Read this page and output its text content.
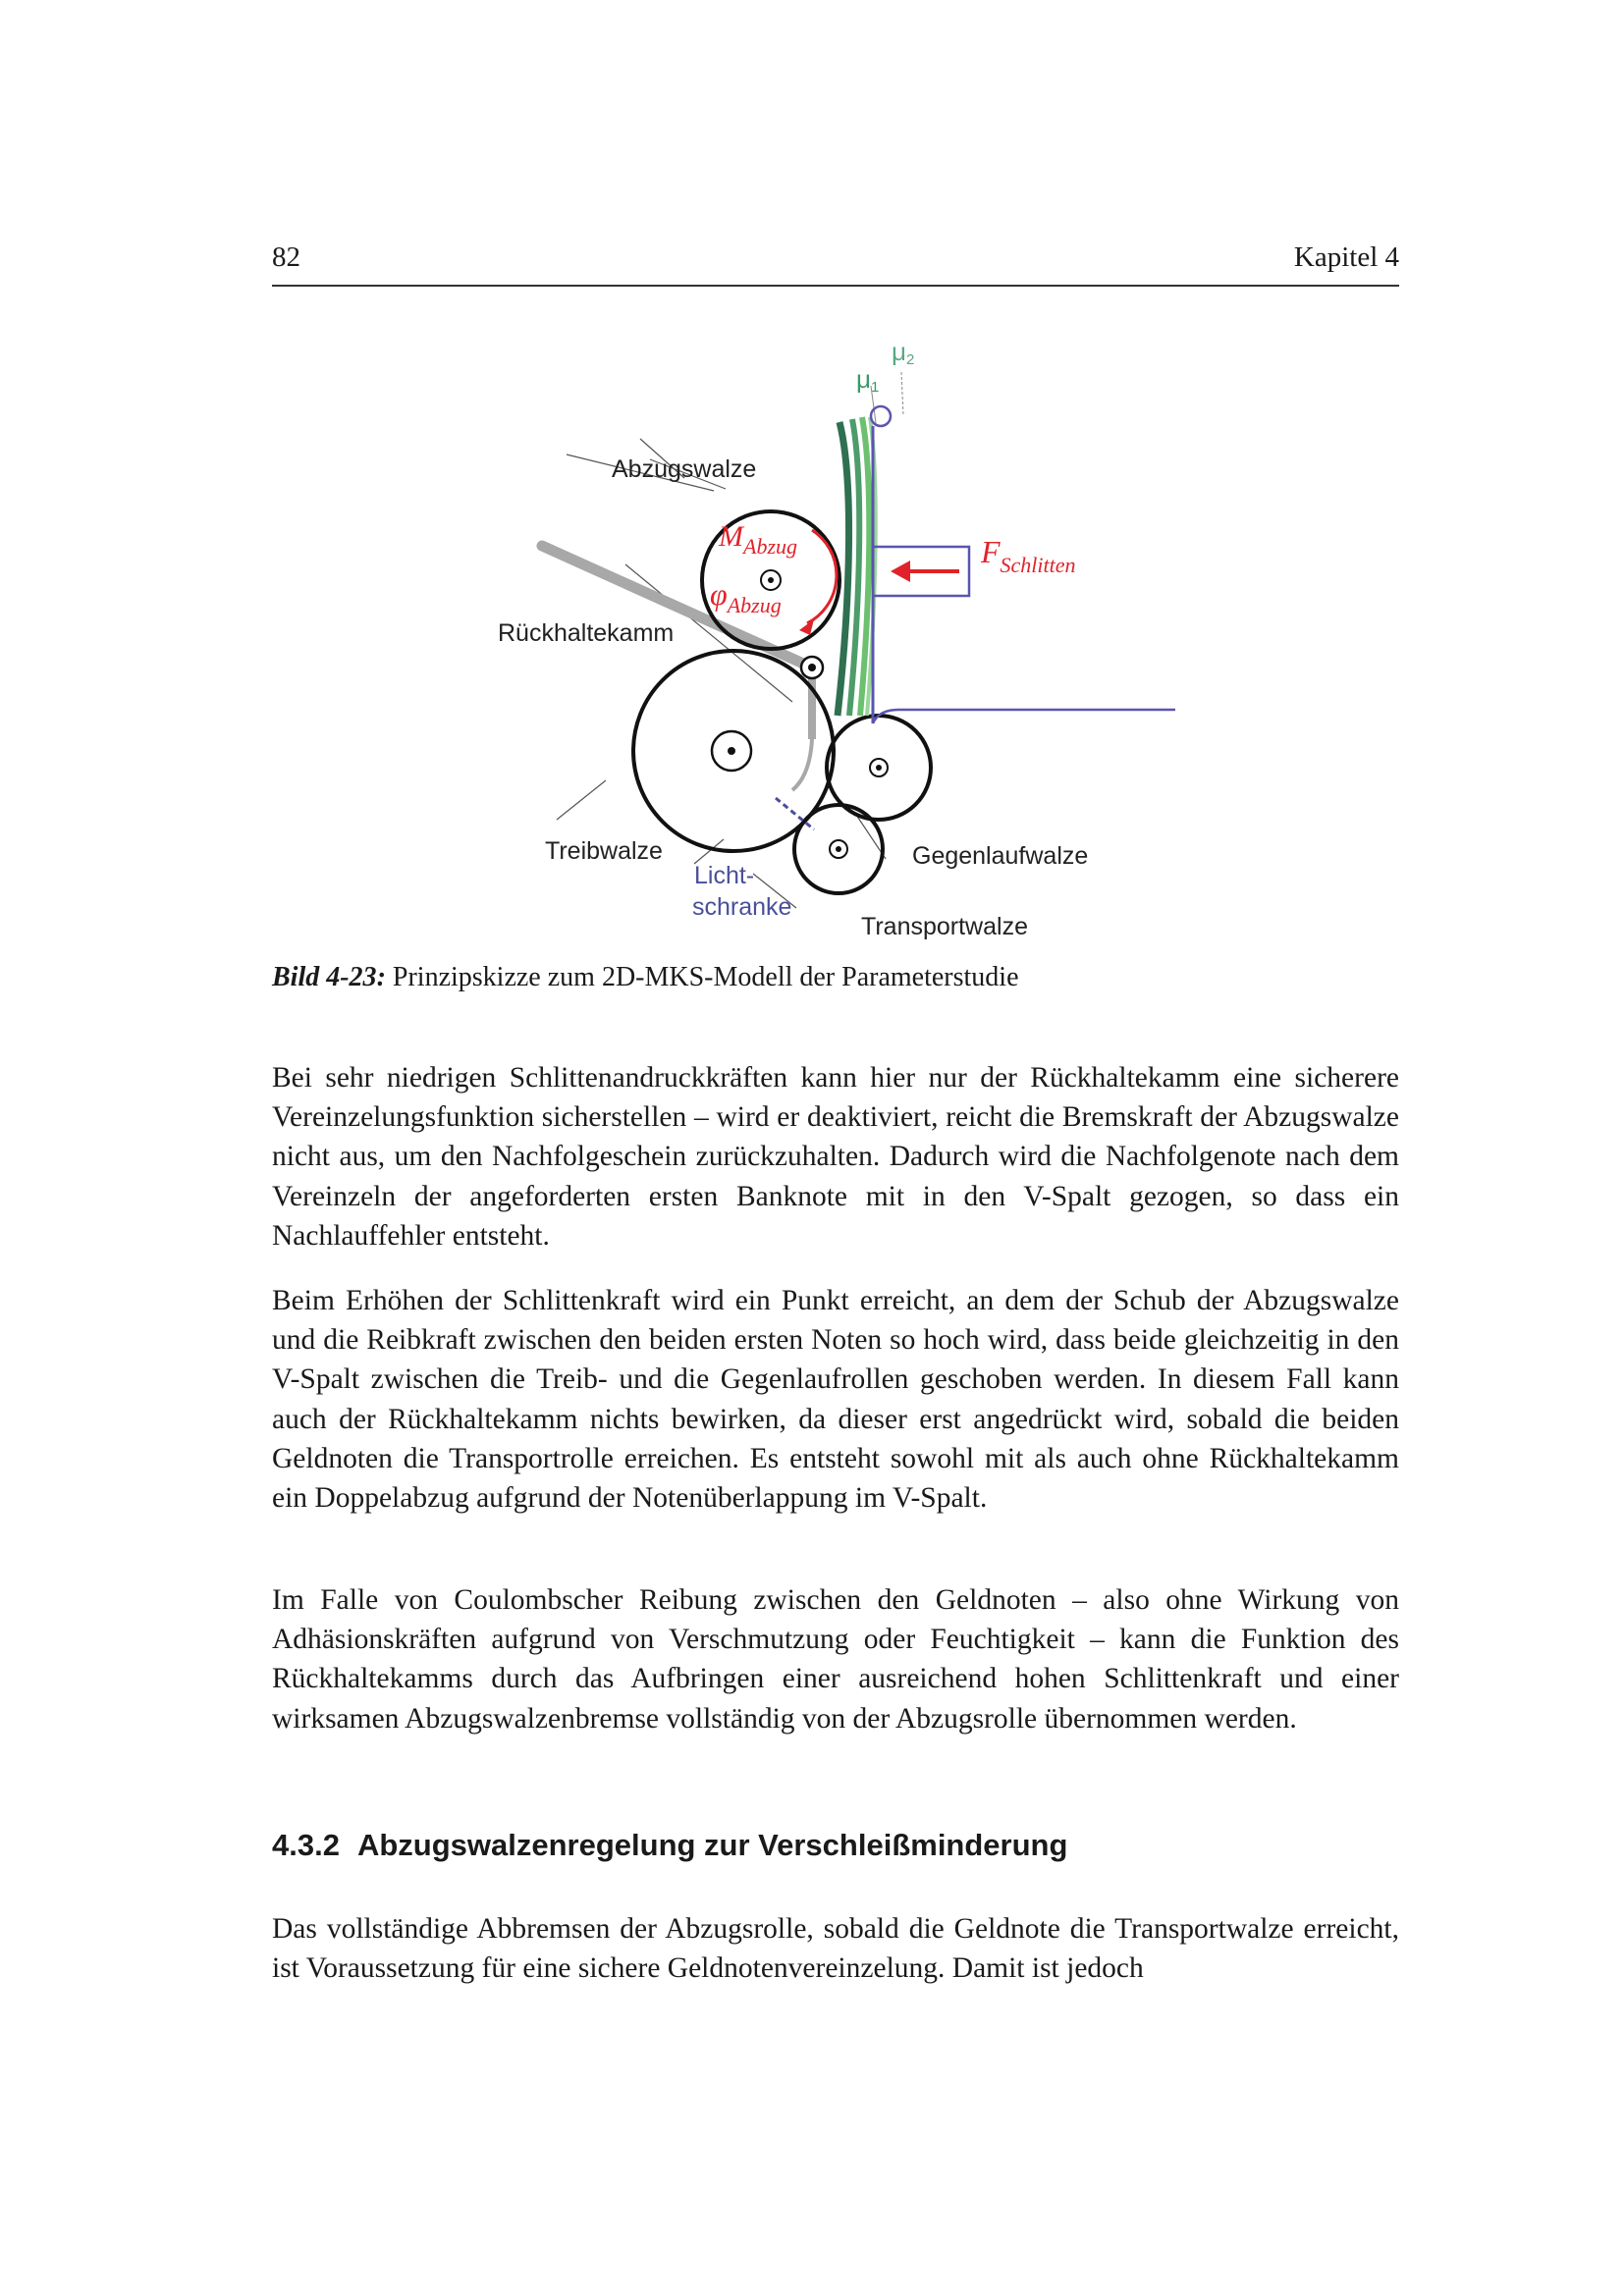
82	Kapitel 4
Abzugswalze
Rückhaltekamm
Treibwalze
Licht-
schranke
Gegenlaufwalze
Transportwalze
μ1
μ2
$M_{Abzug}$
$\varphi_{Abzug}$
$F_{Schlitten}$
Bild 4-23: Prinzipskizze zum 2D-MKS-Modell der Parameterstudie

Bei sehr niedrigen Schlittenandruckkräften kann hier nur der Rückhaltekamm eine sicherere Vereinzelungsfunktion sicherstellen – wird er deaktiviert, reicht die Bremskraft der Abzugswalze nicht aus, um den Nachfolgeschein zurückzuhalten. Dadurch wird die Nachfolgenote nach dem Vereinzeln der angeforderten ersten Banknote mit in den V-Spalt gezogen, so dass ein Nachlauffehler entsteht.

Beim Erhöhen der Schlittenkraft wird ein Punkt erreicht, an dem der Schub der Abzugswalze und die Reibkraft zwischen den beiden ersten Noten so hoch wird, dass beide gleichzeitig in den V-Spalt zwischen die Treib- und die Gegenlaufrollen geschoben werden. In diesem Fall kann auch der Rückhaltekamm nichts bewirken, da dieser erst angedrückt wird, sobald die beiden Geldnoten die Transportrolle erreichen. Es entsteht sowohl mit als auch ohne Rückhaltekamm ein Doppelabzug aufgrund der Notenüberlappung im V-Spalt.

Im Falle von Coulombscher Reibung zwischen den Geldnoten – also ohne Wirkung von Adhäsionskräften aufgrund von Verschmutzung oder Feuchtigkeit – kann die Funktion des Rückhaltekamms durch das Aufbringen einer ausreichend hohen Schlittenkraft und einer wirksamen Abzugswalzenbremse vollständig von der Abzugsrolle übernommen werden.

4.3.2 Abzugswalzenregelung zur Verschleißminderung

Das vollständige Abbremsen der Abzugsrolle, sobald die Geldnote die Transportwalze erreicht, ist Voraussetzung für eine sichere Geldnotenvereinzelung. Damit ist jedoch
